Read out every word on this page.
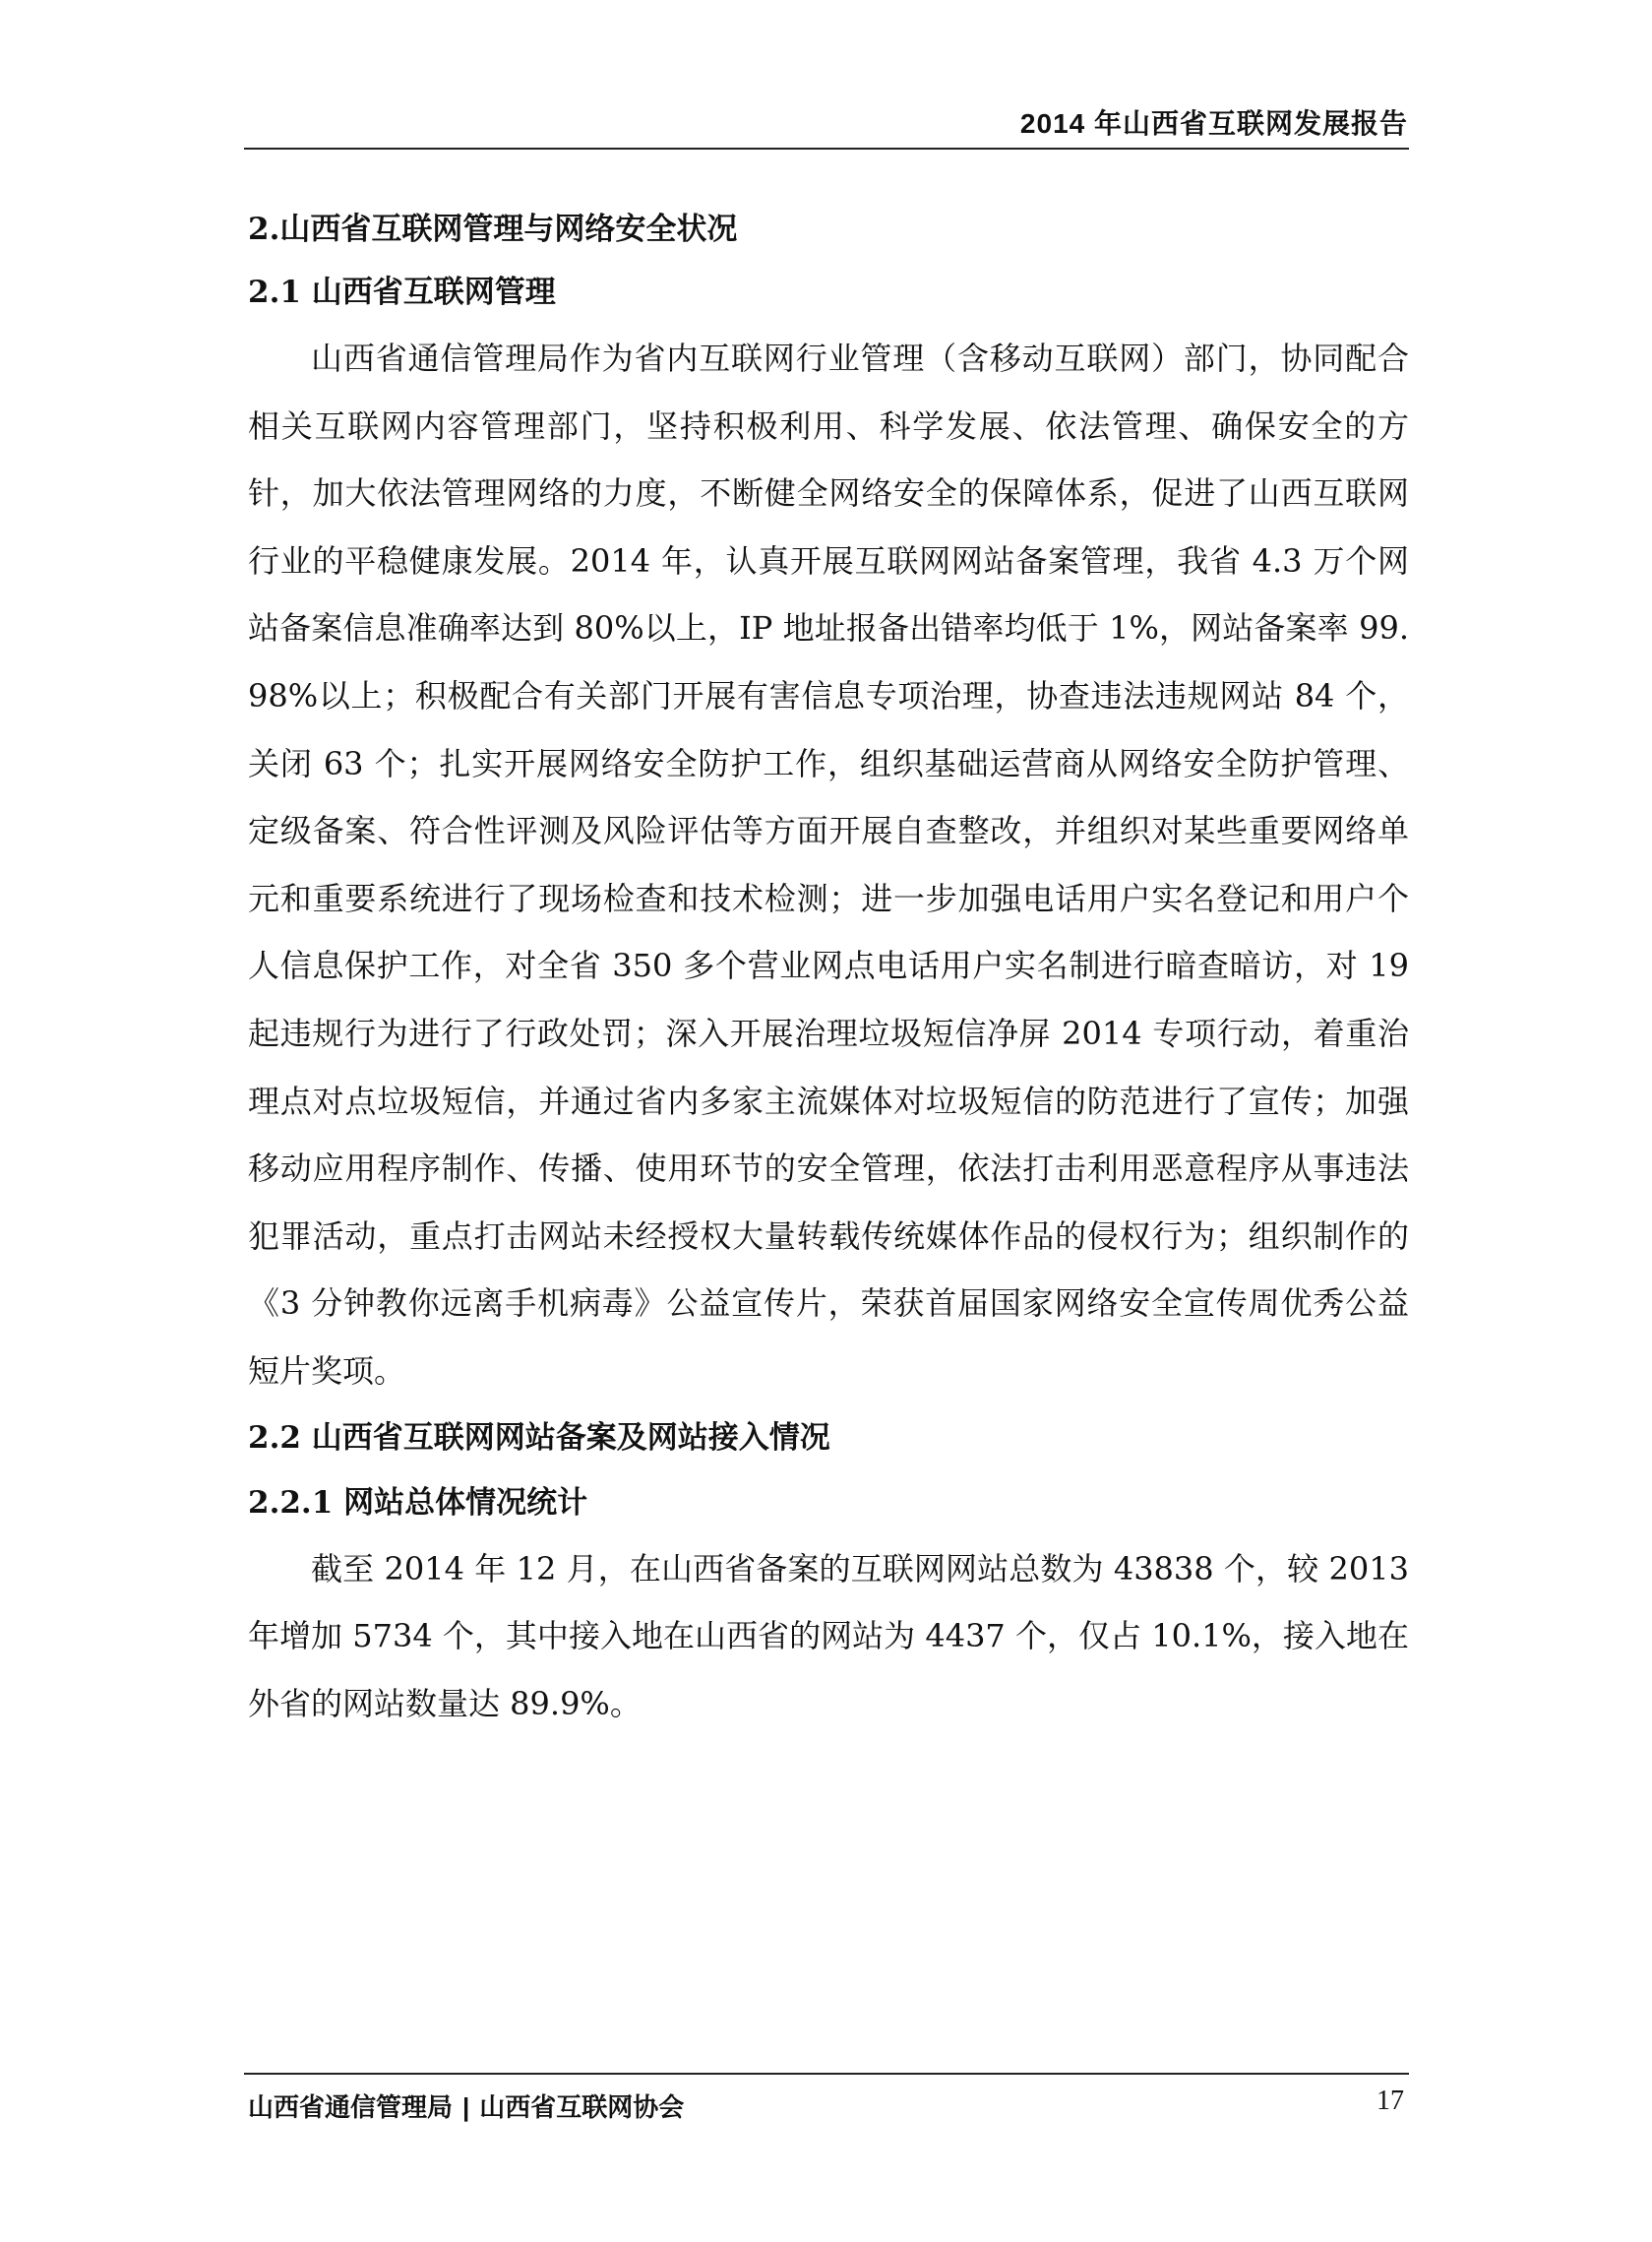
2014 年山西省互联网发展报告
2.山西省互联网管理与网络安全状况
2.1 山西省互联网管理

山西省通信管理局作为省内互联网行业管理（含移动互联网）部门，协同配合相关互联网内容管理部门，坚持积极利用、科学发展、依法管理、确保安全的方针，加大依法管理网络的力度，不断健全网络安全的保障体系，促进了山西互联网行业的平稳健康发展。2014 年，认真开展互联网网站备案管理，我省 4.3 万个网站备案信息准确率达到 80%以上，IP 地址报备出错率均低于 1%，网站备案率 99.98%以上；积极配合有关部门开展有害信息专项治理，协查违法违规网站 84 个，关闭 63 个；扎实开展网络安全防护工作，组织基础运营商从网络安全防护管理、定级备案、符合性评测及风险评估等方面开展自查整改，并组织对某些重要网络单元和重要系统进行了现场检查和技术检测；进一步加强电话用户实名登记和用户个人信息保护工作，对全省 350 多个营业网点电话用户实名制进行暗查暗访，对 19 起违规行为进行了行政处罚；深入开展治理垃圾短信净屏 2014 专项行动，着重治理点对点垃圾短信，并通过省内多家主流媒体对垃圾短信的防范进行了宣传；加强移动应用程序制作、传播、使用环节的安全管理，依法打击利用恶意程序从事违法犯罪活动，重点打击网站未经授权大量转载传统媒体作品的侵权行为；组织制作的《3 分钟教你远离手机病毒》公益宣传片，荣获首届国家网络安全宣传周优秀公益短片奖项。

2.2 山西省互联网网站备案及网站接入情况
2.2.1 网站总体情况统计

截至 2014 年 12 月，在山西省备案的互联网网站总数为 43838 个，较 2013 年增加 5734 个，其中接入地在山西省的网站为 4437 个，仅占 10.1%，接入地在外省的网站数量达 89.9%。

山西省通信管理局 | 山西省互联网协会	17
